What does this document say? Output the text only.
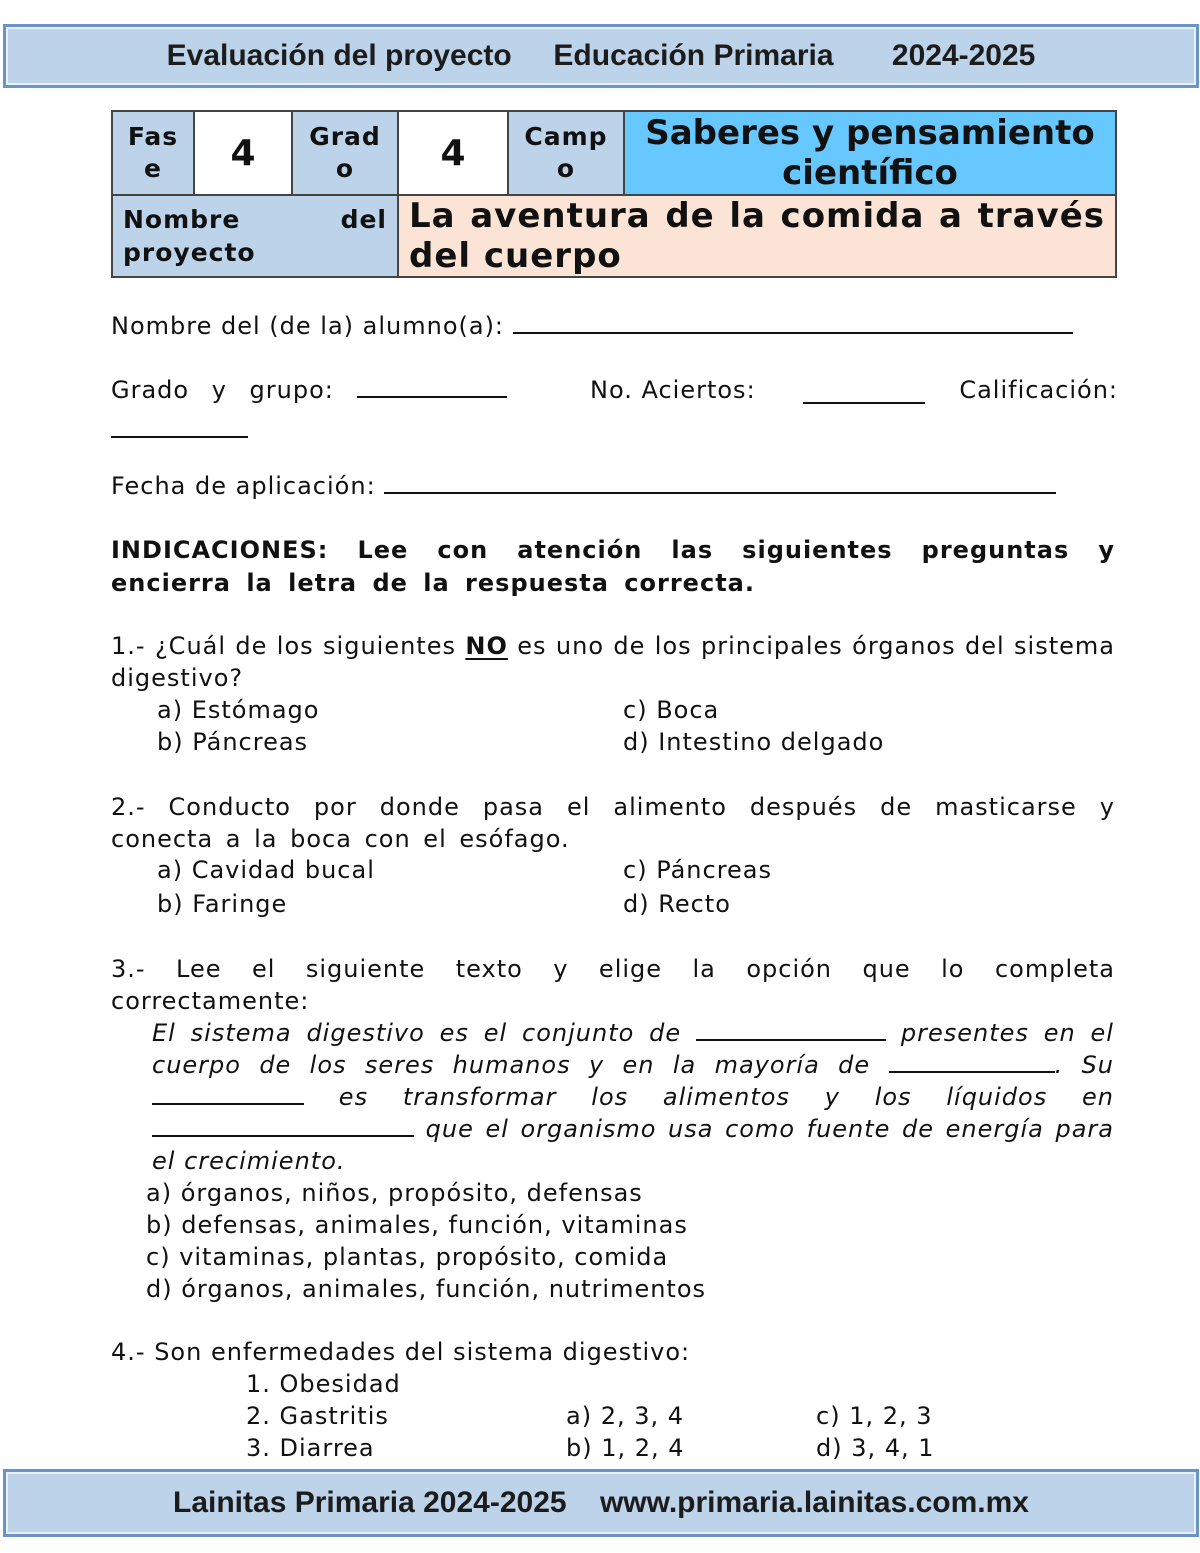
Evaluación del proyecto
Educación Primaria
2024-2025
Fase	4	Grado	4	Campo	Saberes y pensamiento científico
Nombre del proyecto			La aventura de la comida a través del cuerpo		
Nombre del (de la) alumno(a):
Grado y grupo:	No. Aciertos:	Calificación:
Fecha de aplicación:
INDICACIONES: Lee con atención las siguientes preguntas y encierra la letra de la respuesta correcta.
1.- ¿Cuál de los siguientes NO es uno de los principales órganos del sistema digestivo?
a) Estómago
b) Páncreas
c) Boca
d) Intestino delgado
2.- Conducto por donde pasa el alimento después de masticarse y conecta a la boca con el esófago.
a) Cavidad bucal
b) Faringe
c) Páncreas
d) Recto
3.- Lee el siguiente texto y elige la opción que lo completa correctamente:
El sistema digestivo es el conjunto de	presentes en el cuerpo de los seres humanos y en la mayoría de	. Su  es transformar los alimentos y los líquidos en  que el organismo usa como fuente de energía para el crecimiento.
a) órganos, niños, propósito, defensas
b) defensas, animales, función, vitaminas
c) vitaminas, plantas, propósito, comida
d) órganos, animales, función, nutrimentos
4.- Son enfermedades del sistema digestivo:
1. Obesidad
2. Gastritis
3. Diarrea
a) 2, 3, 4
b) 1, 2, 4
c) 1, 2, 3
d) 3, 4, 1
Lainitas Primaria 2024-2025
www.primaria.lainitas.com.mx
